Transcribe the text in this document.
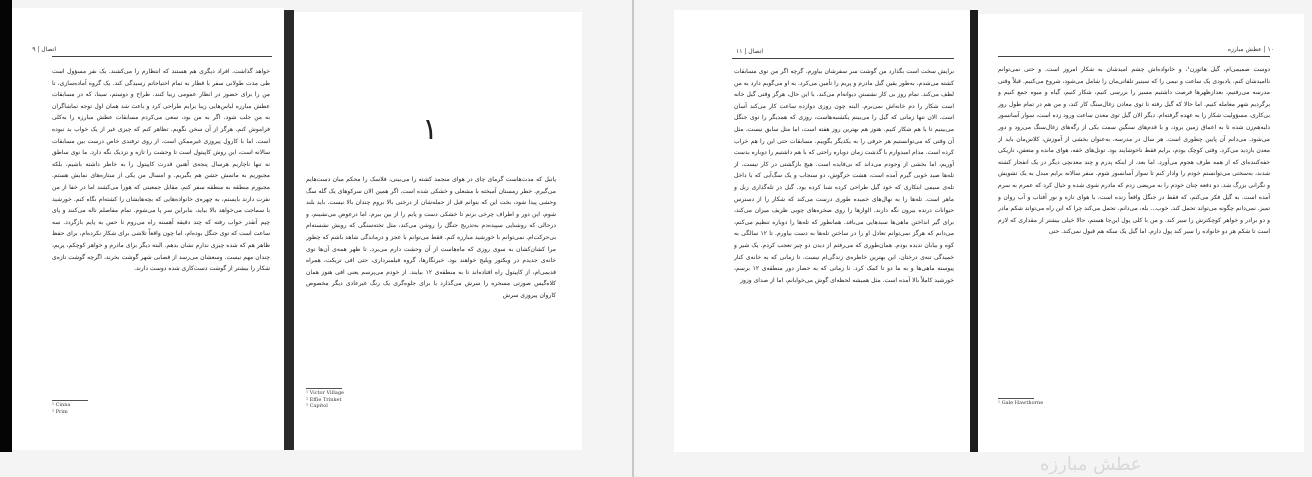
اتصال | ۹
خواهد گذاشت. افراد دیگری هم هستند که انتظارم را می‌کشند. یک نفر مسؤول است طی مدت طولانی سفر با قطار به تمام احتیاجاتم رسیدگی کند. یک گروه آماده‌سازی، تا من را برای حضور در انظار عمومی زیبا کنند. طراح و دوستم، سینا، که در مسابقات عطش مبارزه لباس‌هایی زیبا برایم طراحی کرد و باعث شد همان اول توجه تماشاگران به من جلب شود. اگر به من بود، سعی می‌کردم مسابقات عطش مبارزه را به‌کلی فراموش کنم. هرگز از آن سخن نگویم. تظاهر کنم که چیزی غیر از یک خواب بد نبوده است. اما با کارول پیروزی غیرممکن است. از روی ترفندی خاص درست بین مسابقات سالانه است، این روش کاپیتول است تا وحشت را تازه و نزدیک نگه دارد. ما نوی ساطق نه تنها ناچاریم هرسال پنجه‌ی آهنین قدرت کاپیتول را به خاطر داشته باشیم، بلکه مجبوریم به ماتمش جشن هم بگیریم. و امسال من یکی از ستاره‌های نمایش هستم. مجبورم منطقه به منطقه سفر کنم، مقابل جمعیتی که هورا می‌کشند اما در خفا از من نفرت دارند بایستم، به چهره‌ی خانواده‌هایی که بچه‌هایشان را کشته‌ام نگاه کنم. خورشید با سماجت می‌خواهد بالا بیاید، بنابراین سر پا می‌شوم. تمام مفاصلم ناله می‌کنند و پای چپم آنقدر خواب رفته که چند دقیقه آهسته راه می‌روم تا حس به پایم بازگردد. سه ساعت است که توی جنگل بوده‌ام، اما چون واقعاً تلاشی برای شکار نکرده‌ام، برای حفظ ظاهر هم که شده چیزی ندارم نشان بدهم. البته دیگر برای مادرم و خواهر کوچکم، پریم، چندان مهم نیست. وسعشان می‌رسد از قصابی شهر گوشت بخرند، اگرچه گوشت تازه‌ی شکار را بیشتر از گوشت دست‌کاری شده دوست دارند.
¹ Cinna
² Prim
١
پاتیل که مدت‌هاست گرمای چای در هوای منجمد کشته را می‌بینی، فلاسک را محکم میان دست‌هایم می‌گیرم. خطر زمستان آمیخته با مشعلی و خشکی شده است. اگر همین الان سرکوهای یک گله سگ وحشی پیدا شود، بخت این که بتوانم قبل از حمله‌شان از درختی بالا بروم چندان بالا نیست. باید بلند شوم، این دور و اطراف چرخی بزنم تا خشکی دست و پایم را از بین ببرم. اما درعوض می‌نشینم، و درحالی که روشنایی سپیده‌دم به‌تدریج جنگل را روشن می‌کند، مثل تخته‌سنگی که رویش نشسته‌ام بی‌حرکت‌ام. نمی‌توانم با خورشید مبارزه کنم. فقط می‌توانم با عجز و درماندگی شاهد باشم که چطور مرا کشان‌کشان به سوی روزی که ماه‌هاست از آن وحشت دارم می‌برد. تا ظهر همه‌ی آن‌ها توی خانه‌ی جدیدم در ویکتور ویلیج خواهند بود. خبرنگارها، گروه فیلمبرداری، حتی افی تریکت، همراه قدیمی‌ام، از کاپیتول راه افتاده‌اند تا به منطقه‌ی ۱۲ بیایند. از خودم می‌پرسم یعنی افی هنوز همان کلاه‌گیس صورتی مسخره را سرش می‌گذارد یا برای جلوه‌گری یک رنگ غیرعادی دیگر مخصوص کاروان پیروزی سرش
¹ Victor Village
² Effie Trinket
³ Capitol
اتصال | ۱۱
برایش سخت است بگذارد من گوشت سر سفرشان بیاورم. گرچه اگر من توی مسابقات کشته می‌شدم، به‌طور یقین گیل مادرم و پریم را تأمین می‌کرد. به او می‌گویم دارد به من لطف می‌کند. تمام روز بی کار نشستن دیوانه‌ام می‌کند. با این حال، هرگز وقتی گیل خانه است شکار را دم خانه‌اش نمی‌برم. البته چون روزی دوازده ساعت کار می‌کند آسان است. الان تنها زمانی که گیل را می‌بینم یکشنبه‌هاست، روزی که همدیگر را توی جنگل می‌بینیم تا با هم شکار کنیم. هنوز هم بهترین روز هفته است، اما مثل سابق نیست، مثل آن وقتی که می‌توانستیم هر حرفی را به یکدیگر بگوییم. مسابقات حتی این را هم خراب کرده است. مدام امیدوارم با گذشت زمان دوباره راحتی که با هم داشتیم را دوباره بدست آوریم، اما بخشی از وجودم می‌داند که بی‌فایده است. هیچ بازگشتی در کار نیست. از تله‌ها صید خوبی گیرم آمده است، هشت خرگوش، دو سنجاب و یک سگ‌آبی که با داخل تله‌ی سیمی ابتکاری که خود گیل طراحی کرده شنا کرده بود. گیل در تله‌گذاری زبل و ماهر است. تله‌ها را به نهال‌های خمیده طوری درست می‌کند که شکار را از دسترس حیوانات درنده بیرون نگه دارند. الوارها را روی صخره‌های چوبی ظریف میزان می‌کند، برای گیر انداختن ماهی‌ها سبدهایی می‌بافد. همانطور که تله‌ها را دوباره تنظیم می‌کنم، می‌دانم که هرگز نمی‌توانم تعادل او را در ساختن تله‌ها به دست بیاورم. تا ۱۲ سالگی به کوه و بیابان ندیده بودم. همان‌طوری که می‌رفتم از دیدن دو چیز تعجب کردم. یک شیر و خمیدگی تنه‌ی درختان. این بهترین خاطره‌ی زندگی‌ام نیست. تا زمانی که به خانه‌ی کنار پیوسته ماهی‌ها و به ما دو تا کمک کرد. تا زمانی که به حصار دور منطقه‌ی ۱۲ برسم، خورشید کاملاً بالا آمده است. مثل همیشه لحظه‌ای گوش می‌خوابانم، اما از صدای وزوز
۱۰ | عطش مبارزه
دوست صمیمی‌ام، گیل هاثورن¹، و خانواده‌اش چشم امیدشان به شکار امروز است. و حتی نمی‌توانم ناامیدشان کنم. یادبودی یک ساعت و نیمی را که سینیر تلفاتی‌مان را شامل می‌شود، شروع می‌کنیم. قبلاً وقتی مدرسه می‌رفتیم، بعدازظهرها فرصت داشتیم مسیر را بررسی کنیم، شکار کنیم، گیاه و میوه جمع کنیم و برگردیم شهر معامله کنیم. اما حالا که گیل رفته تا توی معادن زغال‌سنگ کار کند، و من هم در تمام طول روز بی‌کاری، مسؤولیت شکار را به عهده گرفته‌ام. دیگر الان گیل توی معدن ساعت ورود زده است، سوار آسانسور دلبه‌هم‌زن شده تا به اعماق زمین برود، و با قدم‌های سنگین سمت یکی از رگه‌های زغال‌سنگ می‌رود و دور می‌شود. می‌دانم آن پایین چطوری است. هر سال در مدرسه، به‌عنوان بخشی از آموزش، کلاس‌مان باید از معدن بازدید می‌کرد. وقتی کوچک بودم، برایم فقط ناخوشایند بود. تونل‌های خفه، هوای مانده و متعفن، تاریکی خفه‌کننده‌ای که از همه طرف هجوم می‌آورد. اما بعد، از اینکه پدرم و چند معدنچی دیگر در یک انفجار کشته شدند، به‌سختی می‌توانستم خودم را وادار کنم تا سوار آسانسور شوم. سفر سالانه برایم مبدل به یک تشویش و نگرانی بزرگ شد. دو دفعه چنان خودم را به مریضی زدم که مادرم شوی شده و خیال کرد که عمرم به سرم آمده است. به گیل فکر می‌کنم، که فقط در جنگل واقعاً زنده است، با هوای تازه و نور آفتاب و آب روان و تمیز. نمی‌دانم چگونه می‌تواند تحمل کند. خوب... بله، می‌دانم. تحمل می‌کند چرا که این راه می‌تواند شکم مادر و دو برادر و خواهر کوچکترش را سیر کند. و من با کلی پول این‌جا هستم، حالا خیلی بیشتر از مقداری که لازم است تا شکم هر دو خانواده را سیر کند پول دارم. اما گیل یک سکه هم قبول نمی‌کند. حتی
¹ Gale Hawthorne
عطش مبارزه
